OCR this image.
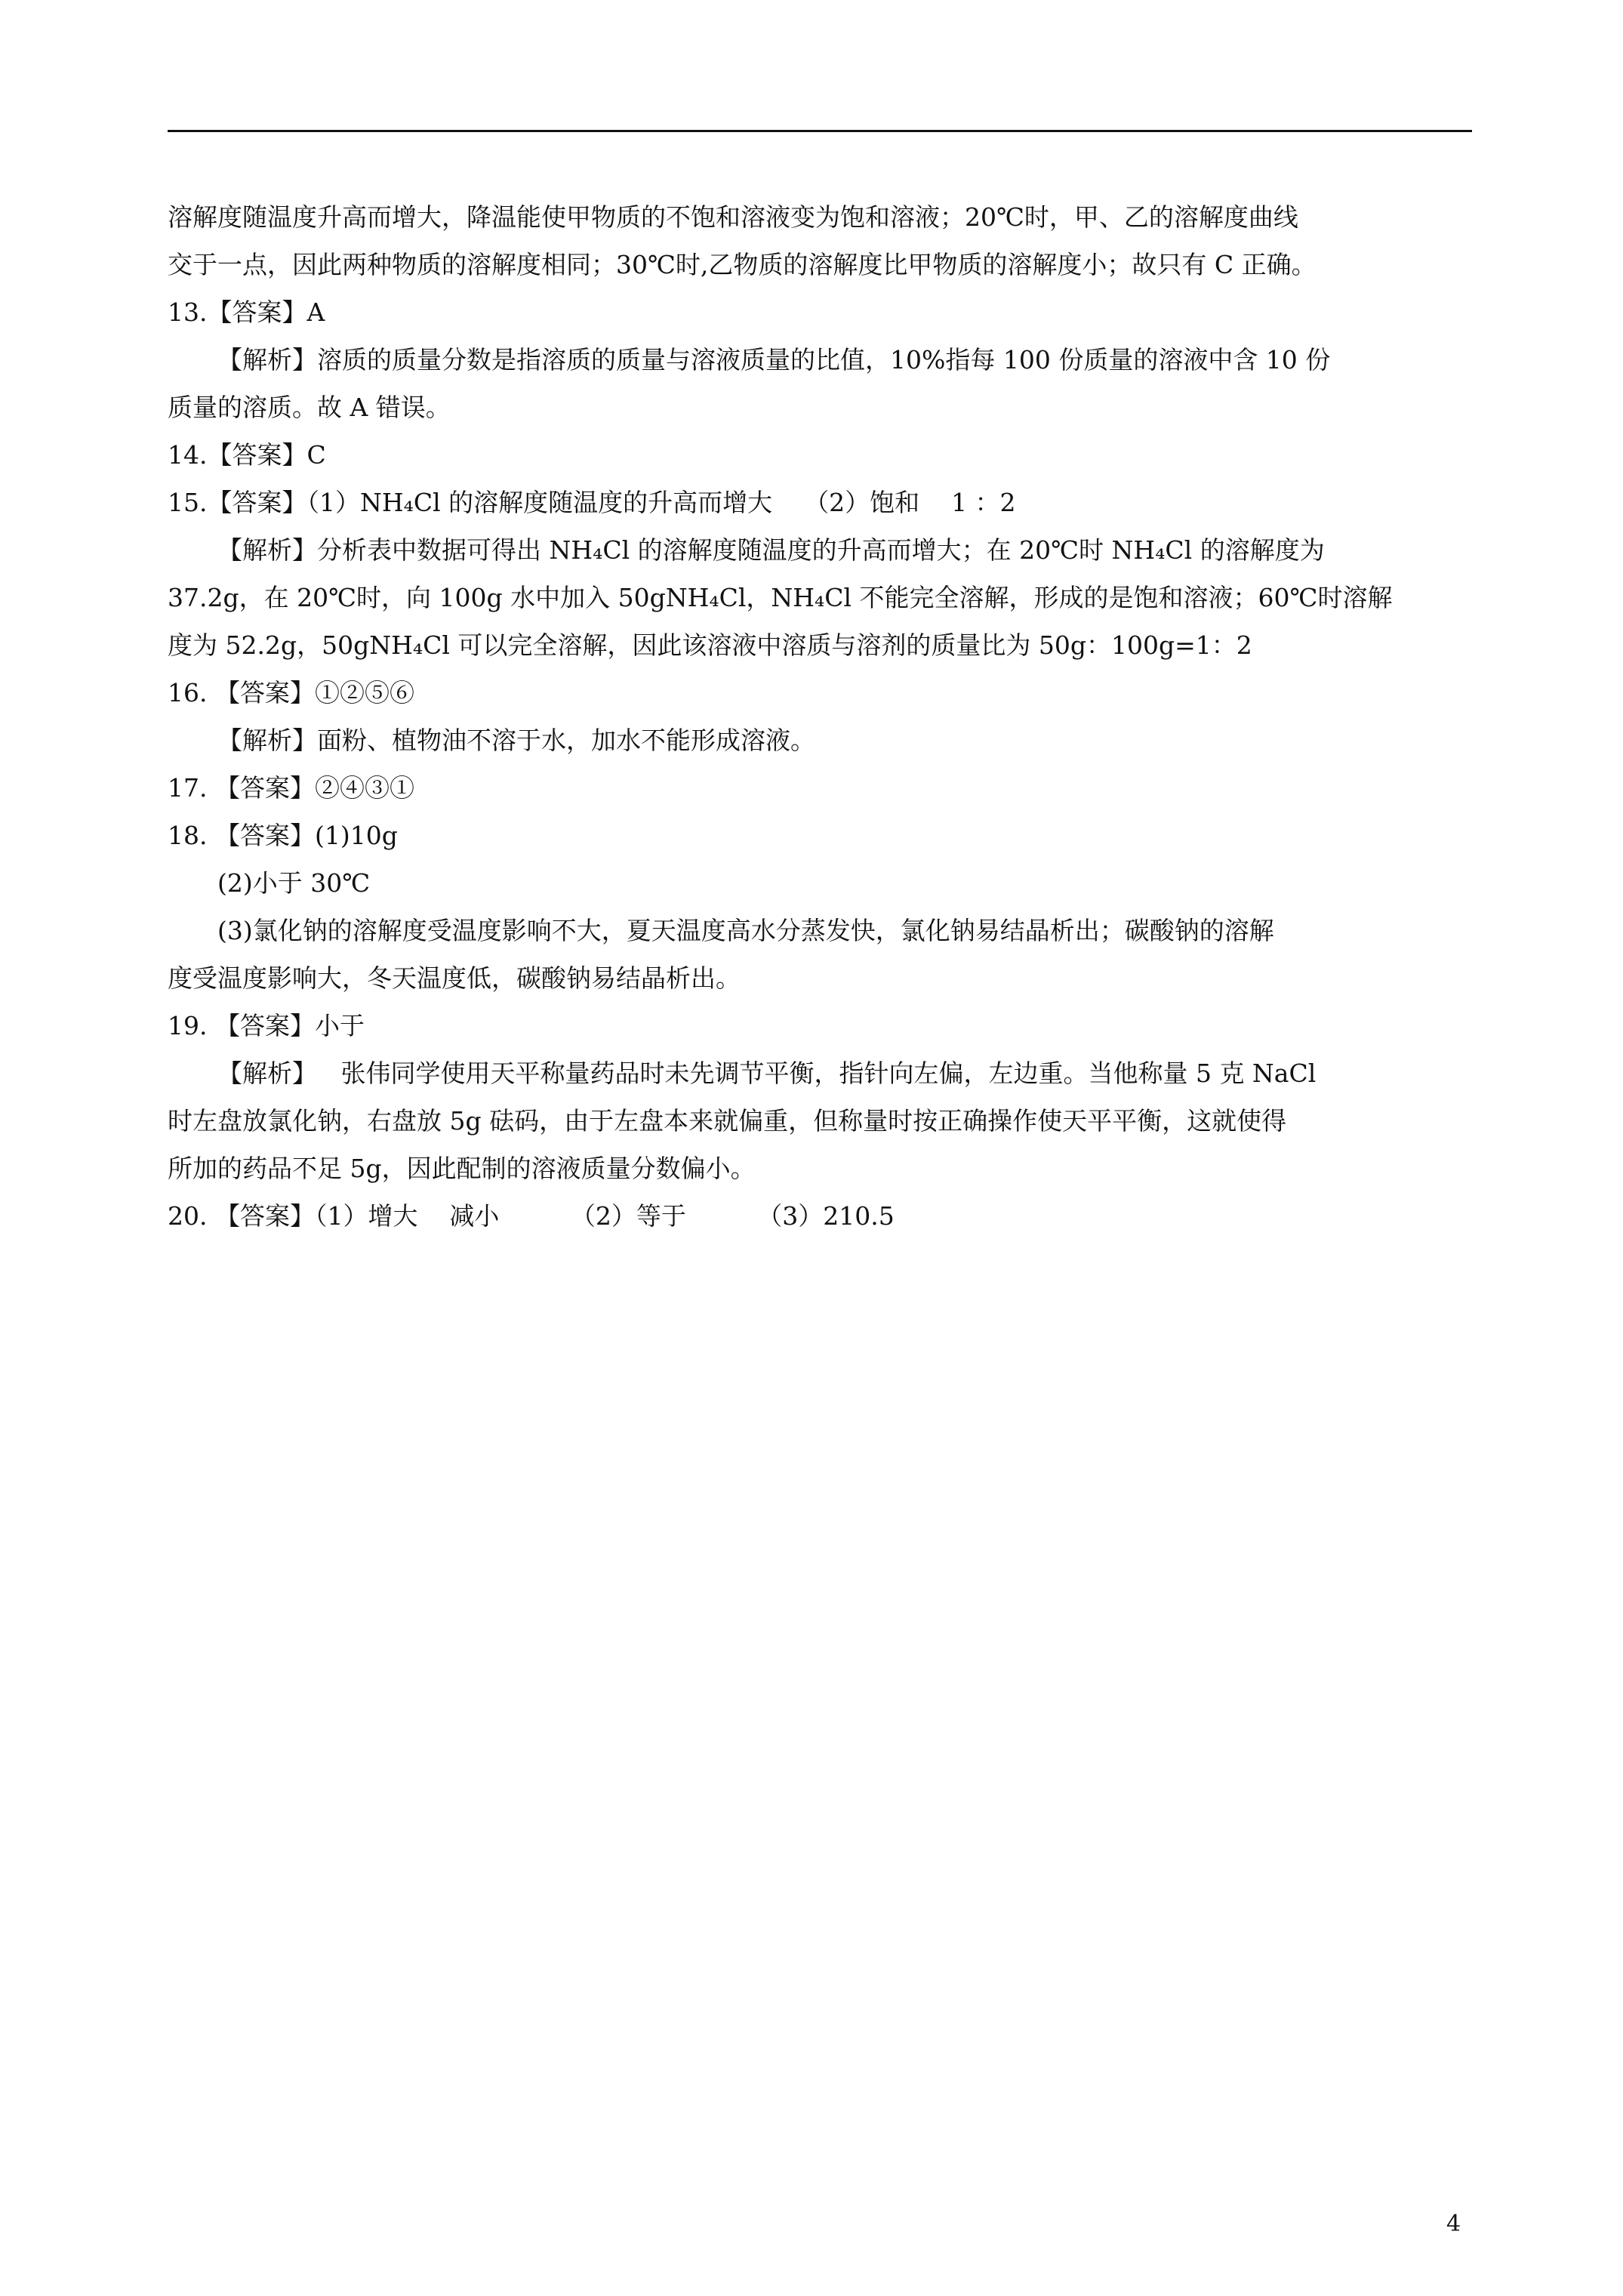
溶解度随温度升高而增大，降温能使甲物质的不饱和溶液变为饱和溶液；20℃时，甲、乙的溶解度曲线
交于一点，因此两种物质的溶解度相同；30℃时,乙物质的溶解度比甲物质的溶解度小；故只有 C 正确。
13.【答案】A
【解析】溶质的质量分数是指溶质的质量与溶液质量的比值，10%指每 100 份质量的溶液中含 10 份
质量的溶质。故 A 错误。
14.【答案】C
15.【答案】（1）NH₄Cl 的溶解度随温度的升高而增大    （2）饱和    1 ：2
【解析】分析表中数据可得出 NH₄Cl 的溶解度随温度的升高而增大；在 20℃时 NH₄Cl 的溶解度为
37.2g，在 20℃时，向 100g 水中加入 50gNH₄Cl，NH₄Cl 不能完全溶解，形成的是饱和溶液；60℃时溶解
度为 52.2g，50gNH₄Cl 可以完全溶解，因此该溶液中溶质与溶剂的质量比为 50g：100g=1：2
16. 【答案】①②⑤⑥
【解析】面粉、植物油不溶于水，加水不能形成溶液。
17. 【答案】②④③①
18. 【答案】(1)10g
(2)小于 30℃
(3)氯化钠的溶解度受温度影响不大，夏天温度高水分蒸发快，氯化钠易结晶析出；碳酸钠的溶解
度受温度影响大，冬天温度低，碳酸钠易结晶析出。
19. 【答案】小于
【解析】   张伟同学使用天平称量药品时未先调节平衡，指针向左偏，左边重。当他称量 5 克 NaCl
时左盘放氯化钠，右盘放 5g 砝码，由于左盘本来就偏重，但称量时按正确操作使天平平衡，这就使得
所加的药品不足 5g，因此配制的溶液质量分数偏小。
20. 【答案】（1）增大    减小         （2）等于         （3）210.5
4
